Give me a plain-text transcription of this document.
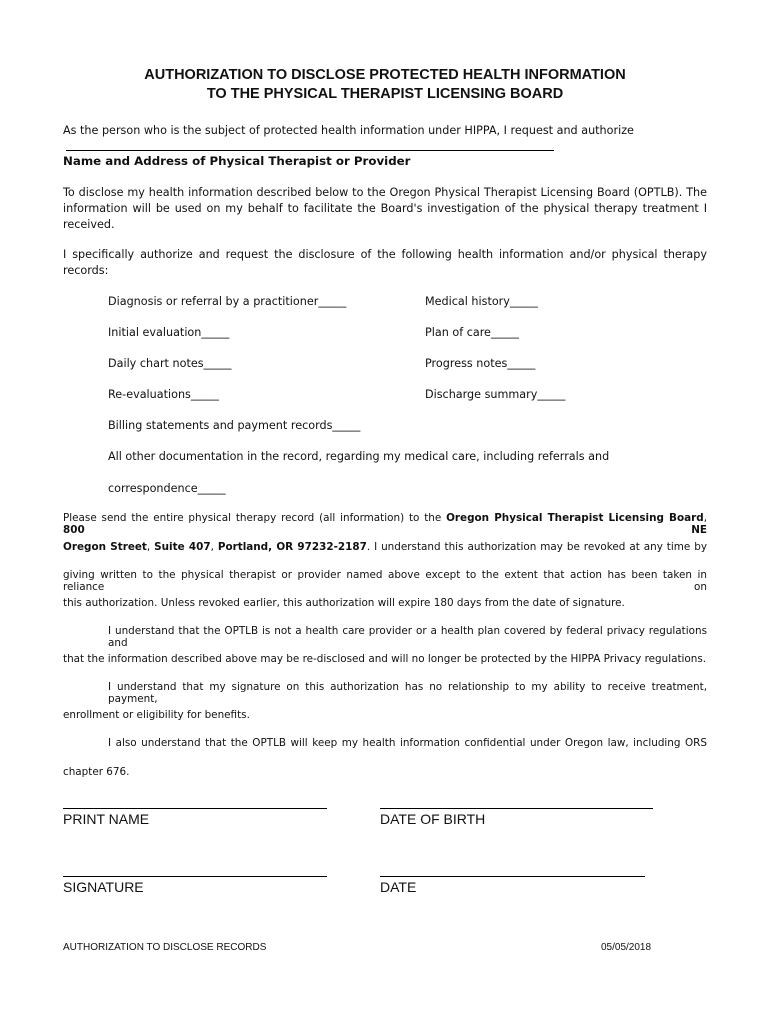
AUTHORIZATION TO DISCLOSE PROTECTED HEALTH INFORMATION
TO THE PHYSICAL THERAPIST LICENSING BOARD
As the person who is the subject of protected health information under HIPPA, I request and authorize
Name and Address of Physical Therapist or Provider
To disclose my health information described below to the Oregon Physical Therapist Licensing Board (OPTLB). The information will be used on my behalf to facilitate the Board's investigation of the physical therapy treatment I received.
I specifically authorize and request the disclosure of the following health information and/or physical therapy records:
Diagnosis or referral by a practitioner_____	Medical history_____
Initial evaluation_____	Plan of care_____
Daily chart notes_____	Progress notes_____
Re-evaluations_____	Discharge summary_____
Billing statements and payment records_____
All other documentation in the record, regarding my medical care, including referrals and
correspondence_____
Please send the entire physical therapy record (all information) to the Oregon Physical Therapist Licensing Board, 800 NE
Oregon Street, Suite 407, Portland, OR 97232-2187. I understand this authorization may be revoked at any time by
giving written to the physical therapist or provider named above except to the extent that action has been taken in reliance on
this authorization. Unless revoked earlier, this authorization will expire 180 days from the date of signature.
I understand that the OPTLB is not a health care provider or a health plan covered by federal privacy regulations and
that the information described above may be re-disclosed and will no longer be protected by the HIPPA Privacy regulations.
I understand that my signature on this authorization has no relationship to my ability to receive treatment, payment,
enrollment or eligibility for benefits.
I also understand that the OPTLB will keep my health information confidential under Oregon law, including ORS
chapter 676.
PRINT NAME	DATE OF BIRTH
SIGNATURE	DATE
AUTHORIZATION TO DISCLOSE RECORDS	05/05/2018
